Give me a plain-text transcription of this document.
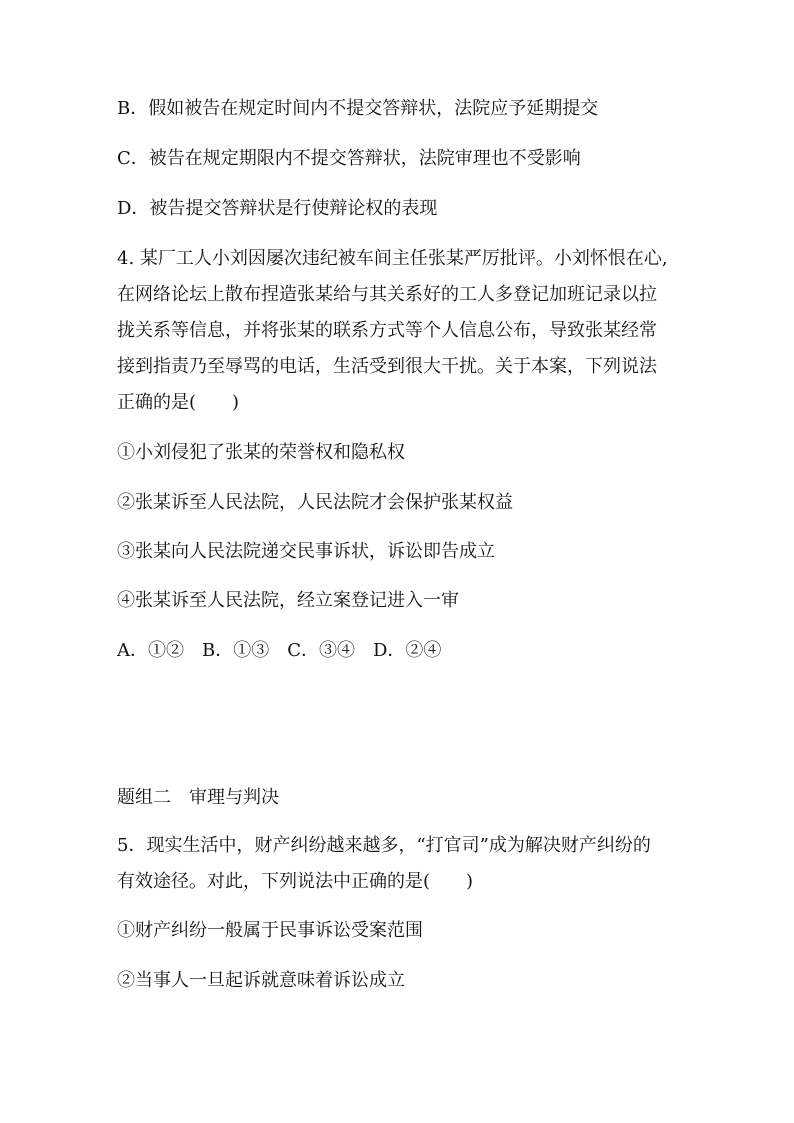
B．假如被告在规定时间内不提交答辩状，法院应予延期提交
C．被告在规定期限内不提交答辩状，法院审理也不受影响
D．被告提交答辩状是行使辩论权的表现
4. 某厂工人小刘因屡次违纪被车间主任张某严厉批评。小刘怀恨在心,
在网络论坛上散布捏造张某给与其关系好的工人多登记加班记录以拉
拢关系等信息，并将张某的联系方式等个人信息公布，导致张某经常
接到指责乃至辱骂的电话，生活受到很大干扰。关于本案，下列说法
正确的是(　　)
①小刘侵犯了张某的荣誉权和隐私权
②张某诉至人民法院，人民法院才会保护张某权益
③张某向人民法院递交民事诉状，诉讼即告成立
④张某诉至人民法院，经立案登记进入一审
A．①②　B．①③　C．③④　D．②④
题组二　审理与判决
5．现实生活中，财产纠纷越来越多，“打官司”成为解决财产纠纷的
有效途径。对此，下列说法中正确的是(　　)
①财产纠纷一般属于民事诉讼受案范围
②当事人一旦起诉就意味着诉讼成立
